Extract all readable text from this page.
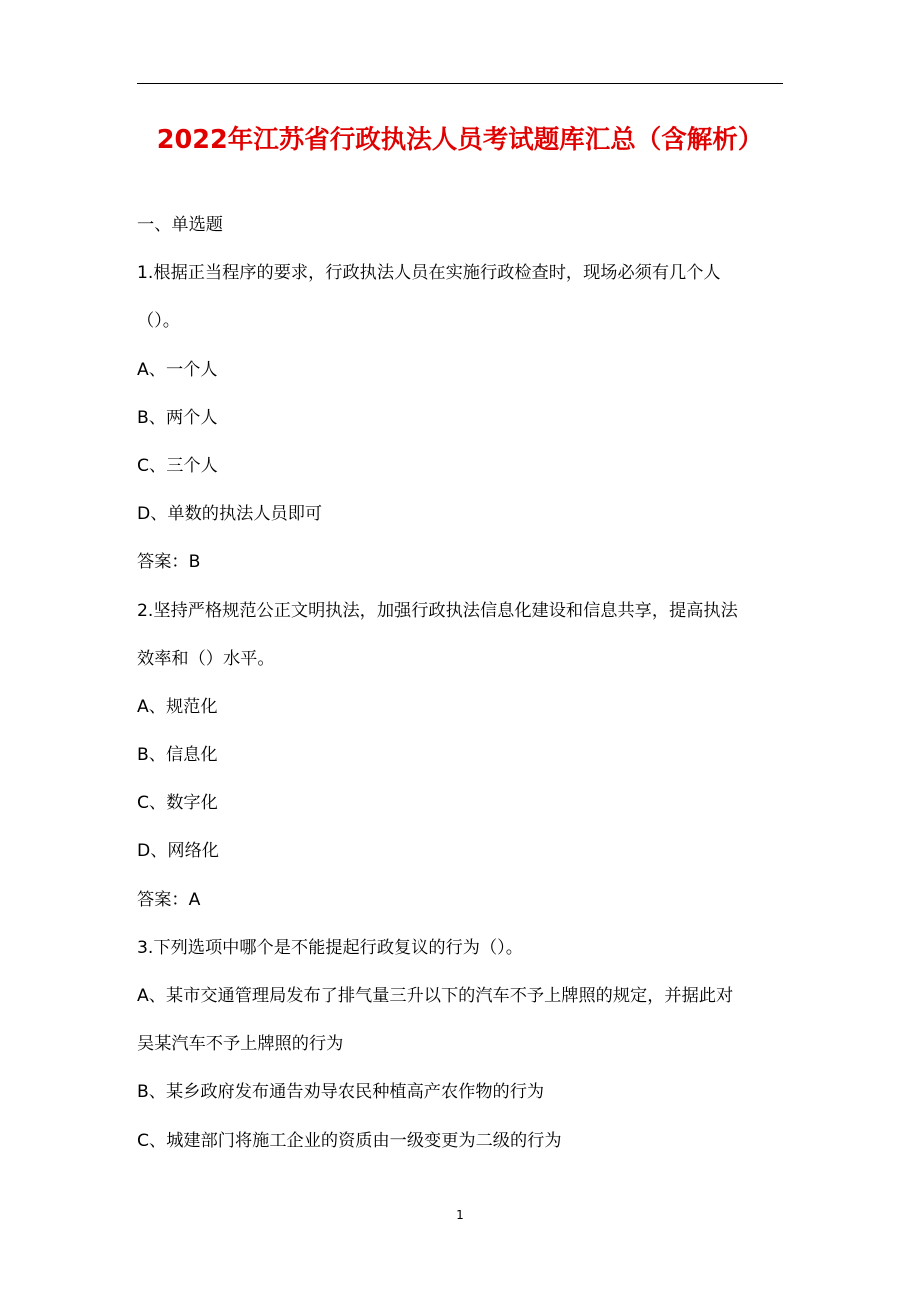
2022年江苏省行政执法人员考试题库汇总（含解析）
一、单选题
1.根据正当程序的要求，行政执法人员在实施行政检查时，现场必须有几个人
（）。
A、一个人
B、两个人
C、三个人
D、单数的执法人员即可
答案：B
2.坚持严格规范公正文明执法，加强行政执法信息化建设和信息共享，提高执法
效率和（）水平。
A、规范化
B、信息化
C、数字化
D、网络化
答案：A
3.下列选项中哪个是不能提起行政复议的行为（）。
A、某市交通管理局发布了排气量三升以下的汽车不予上牌照的规定，并据此对
吴某汽车不予上牌照的行为
B、某乡政府发布通告劝导农民种植高产农作物的行为
C、城建部门将施工企业的资质由一级变更为二级的行为
1
